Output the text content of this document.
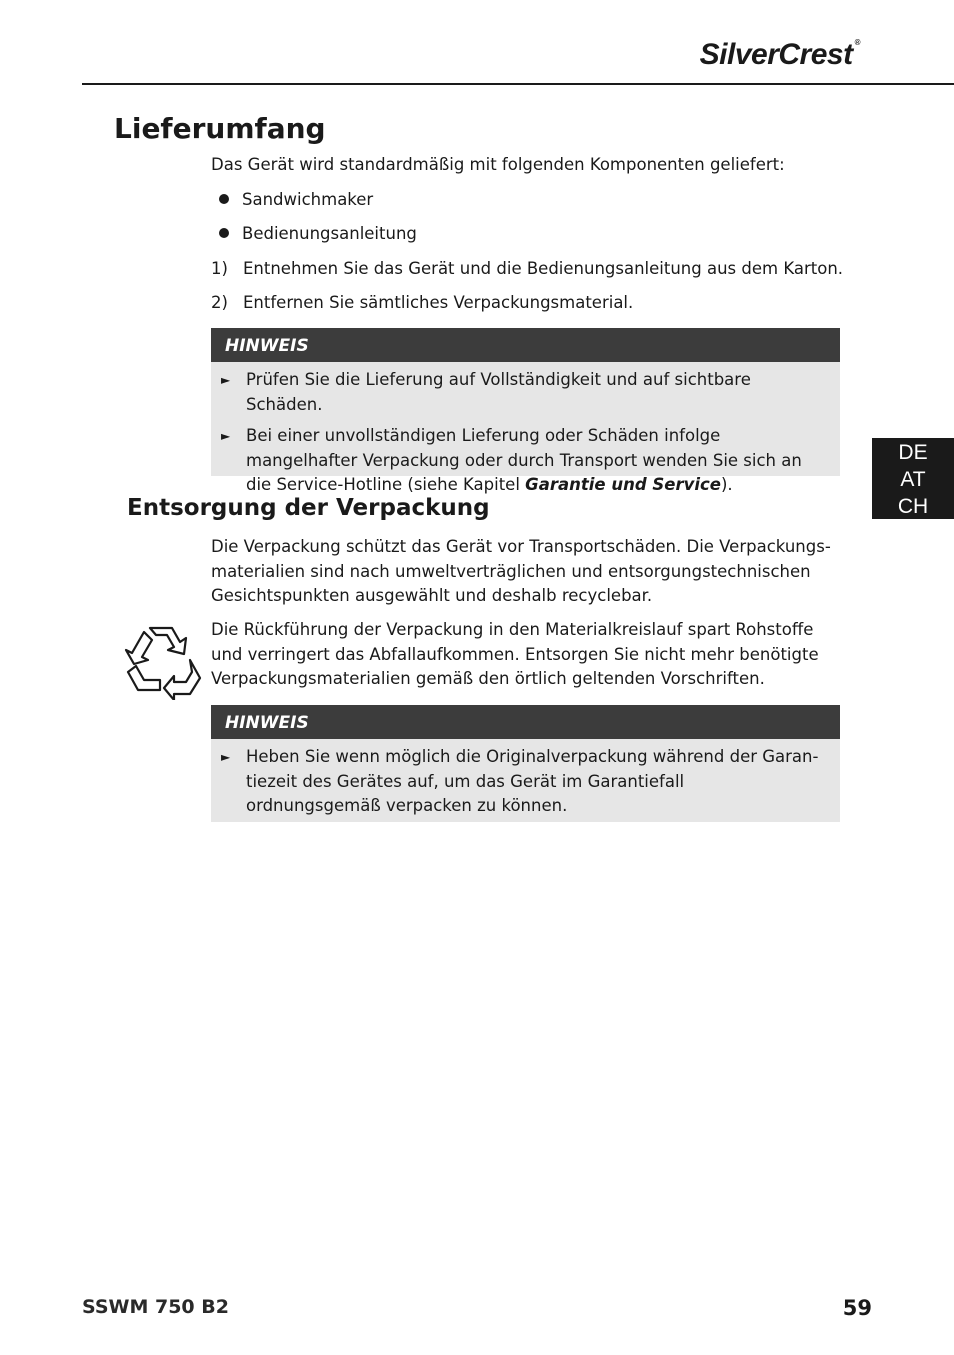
SilverCrest ®
DE
AT
CH
Lieferumfang
Das Gerät wird standardmäßig mit folgenden Komponenten geliefert:
Sandwichmaker
Bedienungsanleitung
1) Entnehmen Sie das Gerät und die Bedienungsanleitung aus dem Karton.
2) Entfernen Sie sämtliches Verpackungsmaterial.
HINWEIS
► Prüfen Sie die Lieferung auf Vollständigkeit und auf sichtbare Schäden.
► Bei einer unvollständigen Lieferung oder Schäden infolge mangelhafter Verpackung oder durch Transport wenden Sie sich an die Service-Hotline (siehe Kapitel Garantie und Service).
Entsorgung der Verpackung
Die Verpackung schützt das Gerät vor Transportschäden. Die Verpackungsmaterialien sind nach umweltverträglichen und entsorgungstechnischen Gesichtspunkten ausgewählt und deshalb recyclebar.
Die Rückführung der Verpackung in den Materialkreislauf spart Rohstoffe und verringert das Abfallaufkommen. Entsorgen Sie nicht mehr benötigte Verpackungsmaterialien gemäß den örtlich geltenden Vorschriften.
HINWEIS
► Heben Sie wenn möglich die Originalverpackung während der Garantiezeit des Gerätes auf, um das Gerät im Garantiefall ordnungsgemäß verpacken zu können.
SSWM 750 B2	59
